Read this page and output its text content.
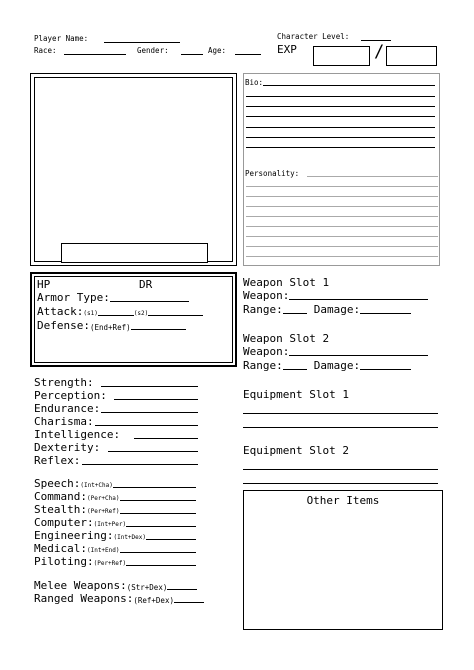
Player Name:
Race:	Gender:	Age:
Character Level:
EXP	/
Bio:
Personality:
HP	DR
Armor Type:
Attack: (s1)	(s2)
Defense: (End+Ref)
Weapon Slot 1
Weapon:
Range:	Damage:
Weapon Slot 2
Weapon:
Range:	Damage:
Strength:
Perception:
Endurance:
Charisma:
Intelligence:
Dexterity:
Reflex:
Equipment Slot 1
Equipment Slot 2
Speech: (Int+Cha)
Command: (Per+Cha)
Stealth: (Per+Ref)
Computer: (Int+Per)
Engineering: (Int+Dex)
Medical: (Int+End)
Piloting: (Per+Ref)
Melee Weapons: (Str+Dex)
Ranged Weapons: (Ref+Dex)
Other Items
